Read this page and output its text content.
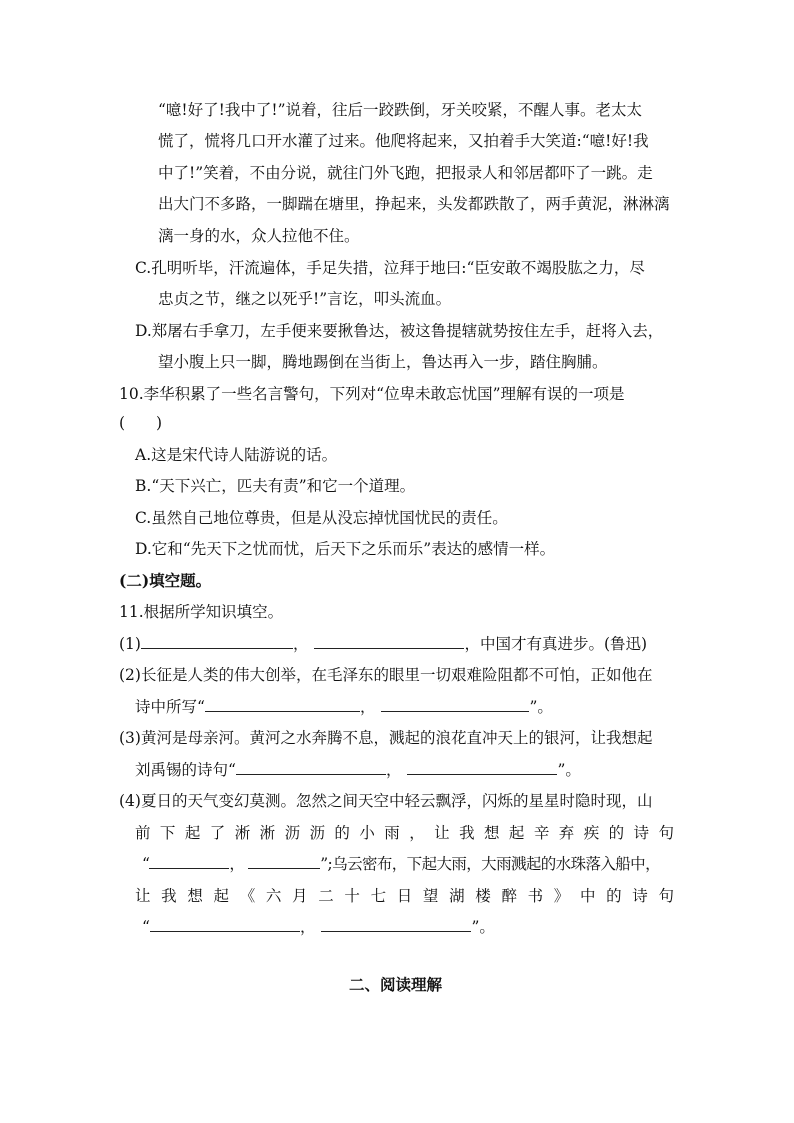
“噫!好了!我中了!”说着，往后一跤跌倒，牙关咬紧，不醒人事。老太太
慌了，慌将几口开水灌了过来。他爬将起来，又拍着手大笑道:“噫!好!我
中了!”笑着，不由分说，就往门外飞跑，把报录人和邻居都吓了一跳。走
出大门不多路，一脚踹在塘里，挣起来，头发都跌散了，两手黄泥，淋淋漓
漓一身的水，众人拉他不住。
C.孔明听毕，汗流遍体，手足失措，泣拜于地曰:“臣安敢不竭股肱之力，尽
忠贞之节，继之以死乎!”言讫，叩头流血。
D.郑屠右手拿刀，左手便来要揪鲁达，被这鲁提辖就势按住左手，赶将入去，
望小腹上只一脚，腾地踢倒在当街上，鲁达再入一步，踏住胸脯。
10.李华积累了一些名言警句，下列对“位卑未敢忘忧国”理解有误的一项是
(　　)
A.这是宋代诗人陆游说的话。
B.“天下兴亡，匹夫有责”和它一个道理。
C.虽然自己地位尊贵，但是从没忘掉忧国忧民的责任。
D.它和“先天下之忧而忧，后天下之乐而乐”表达的感情一样。
(二)填空题。
11.根据所学知识填空。
(1)	，	，中国才有真进步。(鲁迅)
(2)长征是人类的伟大创举，在毛泽东的眼里一切艰难险阻都不可怕，正如他在
诗中所写“	，	”。
(3)黄河是母亲河。黄河之水奔腾不息，溅起的浪花直冲天上的银河，让我想起
刘禹锡的诗句“	，	”。
(4)夏日的天气变幻莫测。忽然之间天空中轻云飘浮，闪烁的星星时隐时现，山
前下起了淅淅沥沥的小雨，让我想起辛弃疾的诗句
“	，	”;乌云密布，下起大雨，大雨溅起的水珠落入船中，
让我想起《六月二十七日望湖楼醉书》中的诗句
“	，	”。
二、阅读理解
